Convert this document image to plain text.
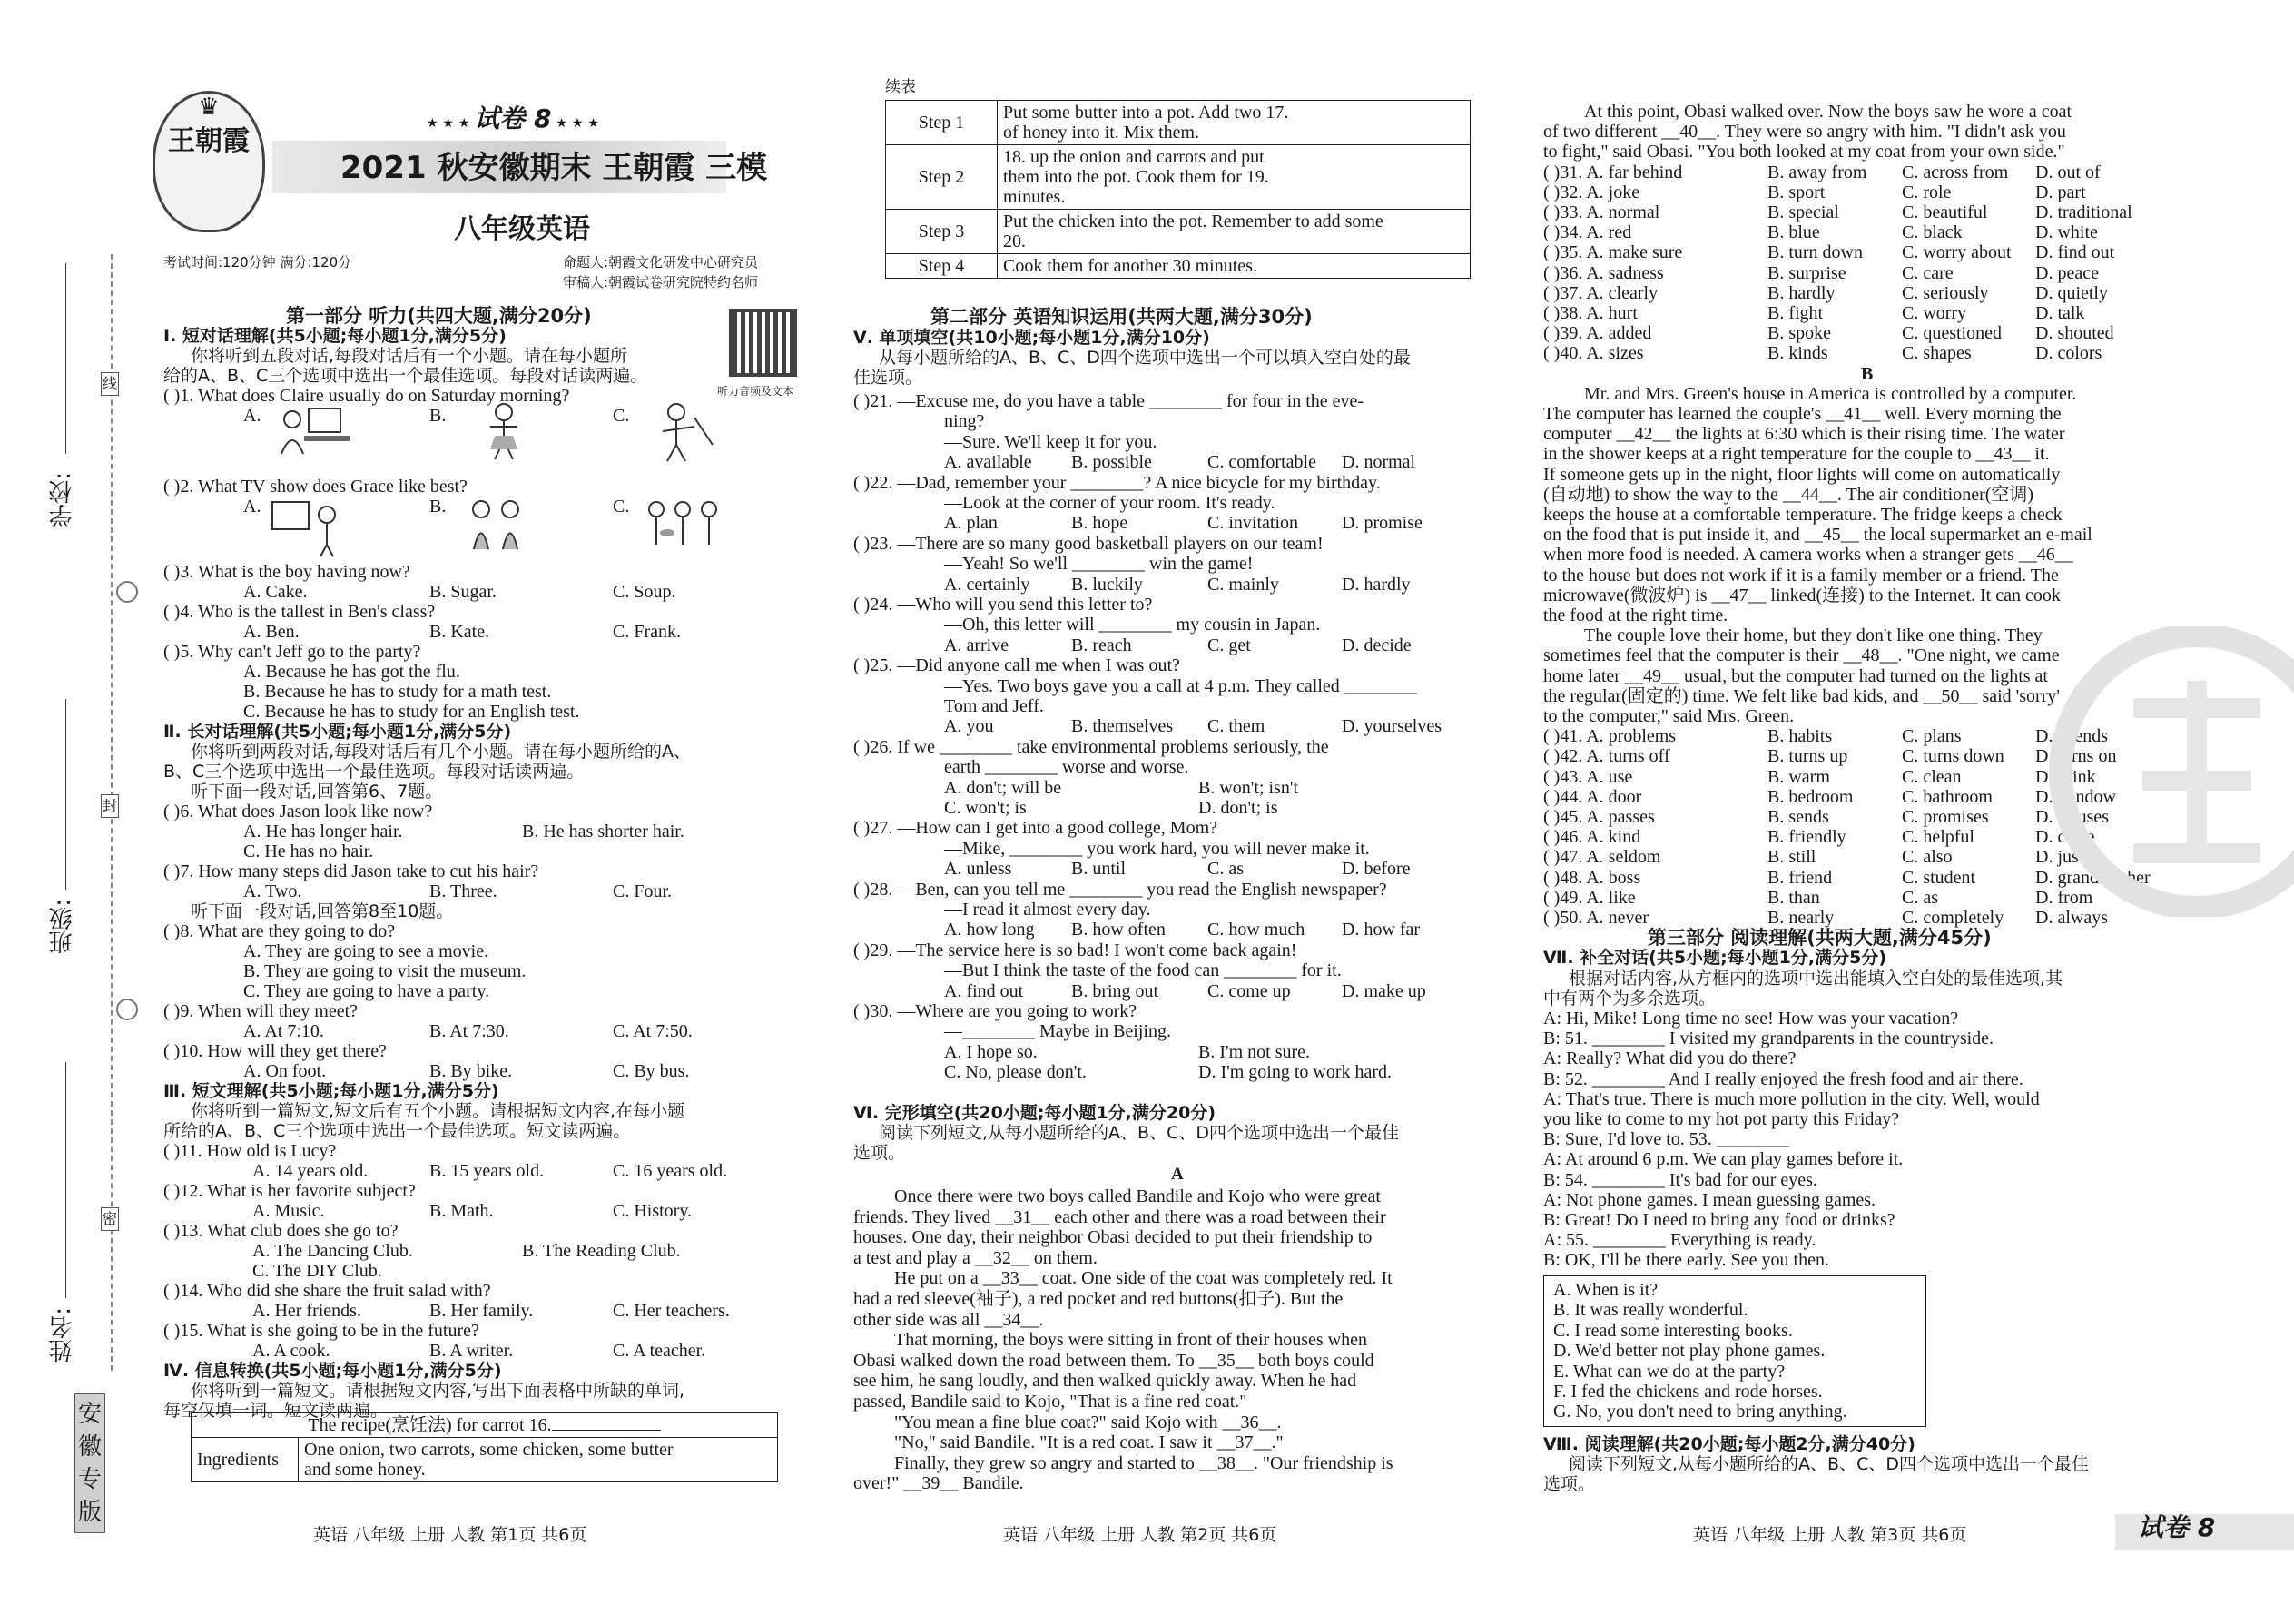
学校:
班级:
姓名:
线
封
密
安徽专版
♛
王朝霞
★ ★ ★ 试卷 8 ★ ★ ★
2021 秋安徽期末 王朝霞 三模
听力音频及文本
八年级英语
考试时间:120分钟 满分:120分	命题人:朝霞文化研发中心研究员
审稿人:朝霞试卷研究院特约名师
第一部分 听力(共四大题,满分20分)
Ⅰ. 短对话理解(共5小题;每小题1分,满分5分)
你将听到五段对话,每段对话后有一个小题。请在每小题所
给的A、B、C三个选项中选出一个最佳选项。每段对话读两遍。
( )1. What does Claire usually do on Saturday morning?
A.	B.	C.
( )2. What TV show does Grace like best?
A.	B.	C.
( )3. What is the boy having now?
A. Cake.	B. Sugar.	C. Soup.
( )4. Who is the tallest in Ben's class?
A. Ben.	B. Kate.	C. Frank.
( )5. Why can't Jeff go to the party?
A. Because he has got the flu.
B. Because he has to study for a math test.
C. Because he has to study for an English test.
Ⅱ. 长对话理解(共5小题;每小题1分,满分5分)
你将听到两段对话,每段对话后有几个小题。请在每小题所给的A、
B、C三个选项中选出一个最佳选项。每段对话读两遍。
听下面一段对话,回答第6、7题。
( )6. What does Jason look like now?
A. He has longer hair.	B. He has shorter hair.
C. He has no hair.
( )7. How many steps did Jason take to cut his hair?
A. Two.	B. Three.	C. Four.
听下面一段对话,回答第8至10题。
( )8. What are they going to do?
A. They are going to see a movie.
B. They are going to visit the museum.
C. They are going to have a party.
( )9. When will they meet?
A. At 7:10.	B. At 7:30.	C. At 7:50.
( )10. How will they get there?
A. On foot.	B. By bike.	C. By bus.
Ⅲ. 短文理解(共5小题;每小题1分,满分5分)
你将听到一篇短文,短文后有五个小题。请根据短文内容,在每小题
所给的A、B、C三个选项中选出一个最佳选项。短文读两遍。
( )11. How old is Lucy?
A. 14 years old.	B. 15 years old.	C. 16 years old.
( )12. What is her favorite subject?
A. Music.	B. Math.	C. History.
( )13. What club does she go to?
A. The Dancing Club.	B. The Reading Club.
C. The DIY Club.
( )14. Who did she share the fruit salad with?
A. Her friends.	B. Her family.	C. Her teachers.
( )15. What is she going to be in the future?
A. A cook.	B. A writer.	C. A teacher.
Ⅳ. 信息转换(共5小题;每小题1分,满分5分)
你将听到一篇短文。请根据短文内容,写出下面表格中所缺的单词,
每空仅填一词。短文读两遍。
The recipe(烹饪法) for carrot 16.
Ingredients	One onion, two carrots, some chicken, some butter
and some honey.
英语 八年级 上册 人教 第1页 共6页
续表
Step 1	Put some butter into a pot. Add two 17.
of honey into it. Mix them.

Step 2	18. up the onion and carrots and put
them into the pot. Cook them for 19.
minutes.

Step 3	Put the chicken into the pot. Remember to add some
20.

Step 4	Cook them for another 30 minutes.
第二部分 英语知识运用(共两大题,满分30分)
Ⅴ. 单项填空(共10小题;每小题1分,满分10分)
从每小题所给的A、B、C、D四个选项中选出一个可以填入空白处的最
佳选项。
( )21. —Excuse me, do you have a table ________ for four in the eve-
ning?
—Sure. We'll keep it for you.
A. available B. possible	C. comfortable D. normal
( )22. —Dad, remember your ________? A nice bicycle for my birthday.
—Look at the corner of your room. It's ready.
A. plan	B. hope	C. invitation D. promise
( )23. —There are so many good basketball players on our team!
—Yeah! So we'll ________ win the game!
A. certainly B. luckily	C. mainly	D. hardly
( )24. —Who will you send this letter to?
—Oh, this letter will ________ my cousin in Japan.
A. arrive	B. reach	C. get	D. decide
( )25. —Did anyone call me when I was out?
—Yes. Two boys gave you a call at 4 p.m. They called ________
Tom and Jeff.
A. you	B. themselves C. them	D. yourselves
( )26. If we ________ take environmental problems seriously, the
earth ________ worse and worse.
A. don't; will be	B. won't; isn't
C. won't; is	D. don't; is
( )27. —How can I get into a good college, Mom?
—Mike, ________ you work hard, you will never make it.
A. unless	B. until	C. as	D. before
( )28. —Ben, can you tell me ________ you read the English newspaper?
—I read it almost every day.
A. how long B. how often C. how much D. how far
( )29. —The service here is so bad! I won't come back again!
—But I think the taste of the food can ________ for it.
A. find out	B. bring out	C. come up	D. make up
( )30. —Where are you going to work?
—________ Maybe in Beijing.
A. I hope so.	B. I'm not sure.
C. No, please don't.	D. I'm going to work hard.
Ⅵ. 完形填空(共20小题;每小题1分,满分20分)
阅读下列短文,从每小题所给的A、B、C、D四个选项中选出一个最佳
选项。
A
Once there were two boys called Bandile and Kojo who were great
friends. They lived __31__ each other and there was a road between their
houses. One day, their neighbor Obasi decided to put their friendship to
a test and play a __32__ on them.
He put on a __33__ coat. One side of the coat was completely red. It
had a red sleeve(袖子), a red pocket and red buttons(扣子). But the
other side was all __34__.
That morning, the boys were sitting in front of their houses when
Obasi walked down the road between them. To __35__ both boys could
see him, he sang loudly, and then walked quickly away. When he had
passed, Bandile said to Kojo, "That is a fine red coat."
"You mean a fine blue coat?" said Kojo with __36__.
"No," said Bandile. "It is a red coat. I saw it __37__."
Finally, they grew so angry and started to __38__. "Our friendship is
over!" __39__ Bandile.
英语 八年级 上册 人教 第2页 共6页
At this point, Obasi walked over. Now the boys saw he wore a coat
of two different __40__. They were so angry with him. "I didn't ask you
to fight," said Obasi. "You both looked at my coat from your own side."
( )31. A. far behind	B. away from C. across from D. out of
( )32. A. joke	B. sport	C. role	D. part
( )33. A. normal	B. special	C. beautiful	D. traditional
( )34. A. red	B. blue	C. black	D. white
( )35. A. make sure	B. turn down C. worry about D. find out
( )36. A. sadness	B. surprise	C. care	D. peace
( )37. A. clearly	B. hardly	C. seriously	D. quietly
( )38. A. hurt	B. fight	C. worry	D. talk
( )39. A. added	B. spoke	C. questioned D. shouted
( )40. A. sizes	B. kinds	C. shapes	D. colors
B
Mr. and Mrs. Green's house in America is controlled by a computer.
The computer has learned the couple's __41__ well. Every morning the
computer __42__ the lights at 6:30 which is their rising time. The water
in the shower keeps at a right temperature for the couple to __43__ it.
If someone gets up in the night, floor lights will come on automatically
(自动地) to show the way to the __44__. The air conditioner(空调)
keeps the house at a comfortable temperature. The fridge keeps a check
on the food that is put inside it, and __45__ the local supermarket an e-mail
when more food is needed. A camera works when a stranger gets __46__
to the house but does not work if it is a family member or a friend. The
microwave(微波炉) is __47__ linked(连接) to the Internet. It can cook
the food at the right time.
The couple love their home, but they don't like one thing. They
sometimes feel that the computer is their __48__. "One night, we came
home later __49__ usual, but the computer had turned on the lights at
the regular(固定的) time. We felt like bad kids, and __50__ said 'sorry'
to the computer," said Mrs. Green.
( )41. A. problems	B. habits	C. plans	D. friends
( )42. A. turns off	B. turns up	C. turns down D. turns on
( )43. A. use	B. warm	C. clean	D. drink
( )44. A. door	B. bedroom	C. bathroom D. window
( )45. A. passes	B. sends	C. promises	D. refuses
( )46. A. kind	B. friendly	C. helpful	D. close
( )47. A. seldom	B. still	C. also	D. just
( )48. A. boss	B. friend	C. student	D. grandmother
( )49. A. like	B. than	C. as	D. from
( )50. A. never	B. nearly	C. completely D. always
第三部分 阅读理解(共两大题,满分45分)
Ⅶ. 补全对话(共5小题;每小题1分,满分5分)
根据对话内容,从方框内的选项中选出能填入空白处的最佳选项,其
中有两个为多余选项。
A: Hi, Mike! Long time no see! How was your vacation?
B: 51. ________ I visited my grandparents in the countryside.
A: Really? What did you do there?
B: 52. ________ And I really enjoyed the fresh food and air there.
A: That's true. There is much more pollution in the city. Well, would
you like to come to my hot pot party this Friday?
B: Sure, I'd love to. 53. ________
A: At around 6 p.m. We can play games before it.
B: 54. ________ It's bad for our eyes.
A: Not phone games. I mean guessing games.
B: Great! Do I need to bring any food or drinks?
A: 55. ________ Everything is ready.
B: OK, I'll be there early. See you then.
A. When is it?
B. It was really wonderful.
C. I read some interesting books.
D. We'd better not play phone games.
E. What can we do at the party?
F. I fed the chickens and rode horses.
G. No, you don't need to bring anything.
Ⅷ. 阅读理解(共20小题;每小题2分,满分40分)
阅读下列短文,从每小题所给的A、B、C、D四个选项中选出一个最佳
选项。
英语 八年级 上册 人教 第3页 共6页	试卷 8
